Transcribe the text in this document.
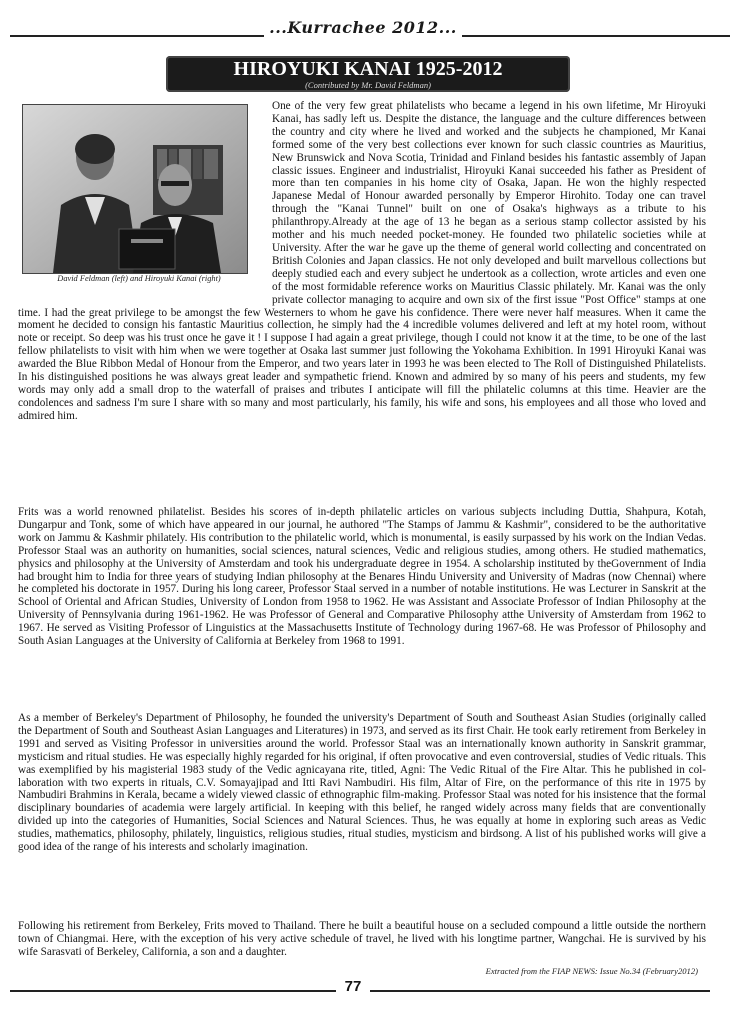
...Kurrachee 2012...
HIROYUKI KANAI 1925-2012
(Contributed by Mr. David Feldman)
David Feldman (left) and Hiroyuki Kanai (right)

One of the very few great philatelists who became a legend in his own lifetime, Mr Hiroyuki Kanai, has sadly left us. Despite the distance, the language and the culture differences between the country and city where he lived and worked and the subjects he championed, Mr Kanai formed some of the very best collections ever known for such classic countries as Mauritius, New Brunswick and Nova Scotia, Trinidad and Finland besides his fantastic assembly of Japan classic issues. Engineer and industrialist, Hiroyuki Kanai succeeded his father as President of more than ten companies in his home city of Osaka, Japan. He won the highly respected Japanese Medal of Honour awarded personally by Emperor Hirohito. Today one can travel through the "Kanai Tunnel" built on one of Osaka's highways as a tribute to his philanthropy.Already at the age of 13 he began as a serious stamp collector assisted by his mother and his much needed pocket-money. He founded two philatelic societies while at University. After the war he gave up the theme of general world collecting and concentrated on British Colonies and Japan classics. He not only developed and built marvellous collections but deeply studied each and every subject he undertook as a collection, wrote articles and even one of the most formidable reference works on Mauritius Classic philately. Mr. Kanai was the only private collector managing to acquire and own six of the first issue "Post Office" stamps at one time. I had the great privilege to be amongst the few Westerners to whom he gave his confidence. There were never half measures. When it came the moment he decided to consign his fantastic Mauritius collection, he simply had the 4 incredible volumes delivered and left at my hotel room, without note or receipt. So deep was his trust once he gave it ! I suppose I had again a great privilege, though I could not know it at the time, to be one of the last fellow philatelists to visit with him when we were together at Osaka last summer just following the Yokohama Exhibition. In 1991 Hiroyuki Kanai was awarded the Blue Ribbon Medal of Honour from the Emperor, and two years later in 1993 he was been elected to The Roll of Distinguished Philatelists. In his distinguished positions he was always great leader and sympathetic friend. Known and admired by so many of his peers and students, my few words may only add a small drop to the waterfall of praises and tributes I anticipate will fill the philatelic columns at this time. Heavier are the condolences and sadness I'm sure I share with so many and most particularly, his family, his wife and sons, his employees and all those who loved and admired him.

Frits was a world renowned philatelist. Besides his scores of in-depth philatelic articles on various subjects including Duttia, Shahpura, Kotah, Dungarpur and Tonk, some of which have appeared in our journal, he authored "The Stamps of Jammu & Kashmir", considered to be the authoritative work on Jammu & Kashmir philately. His contribution to the philatelic world, which is monumental, is easily surpassed by his work on the Indian Vedas. Professor Staal was an authority on humanities, social sciences, natural sciences, Vedic and religious studies, among others. He studied mathematics, physics and philosophy at the University of Amsterdam and took his undergraduate degree in 1954. A scholarship instituted by theGovernment of India had brought him to India for three years of studying Indian philosophy at the Benares Hindu University and University of Madras (now Chennai) where he completed his doctorate in 1957. During his long career, Professor Staal served in a number of notable institutions. He was Lecturer in Sanskrit at the School of Oriental and African Studies, University of London from 1958 to 1962. He was Assistant and Associate Professor of Indian Philosophy at the University of Pennsylvania during 1961-1962. He was Professor of General and Comparative Philosophy atthe University of Amsterdam from 1962 to 1967. He served as Visiting Professor of Linguistics at the Massachusetts Institute of Technology during 1967-68. He was Professor of Philosophy and South Asian Languages at the University of California at Berkeley from 1968 to 1991.

As a member of Berkeley's Department of Philosophy, he founded the university's Department of South and Southeast Asian Studies (originally called the Department of South and Southeast Asian Languages and Literatures) in 1973, and served as its first Chair. He took early retirement from Berkeley in 1991 and served as Visiting Professor in universities around the world. Professor Staal was an internationally known authority in Sanskrit grammar, mysticism and ritual studies. He was especially highly regarded for his original, if often provocative and even controversial, studies of Vedic rituals. This was exemplified by his magisterial 1983 study of the Vedic agnicayana rite, titled, Agni: The Vedic Ritual of the Fire Altar. This he published in col-laboration with two experts in rituals, C.V. Somayajipad and Itti Ravi Nambudiri. His film, Altar of Fire, on the performance of this rite in 1975 by Nambudiri Brahmins in Kerala, became a widely viewed classic of ethnographic film-making. Professor Staal was noted for his insistence that the formal disciplinary boundaries of academia were largely artificial. In keeping with this belief, he ranged widely across many fields that are conventionally divided up into the categories of Humanities, Social Sciences and Natural Sciences. Thus, he was equally at home in exploring such areas as Vedic studies, mathematics, philosophy, philately, linguistics, religious studies, ritual studies, mysticism and birdsong. A list of his published works will give a good idea of the range of his interests and scholarly imagination.

Following his retirement from Berkeley, Frits moved to Thailand. There he built a beautiful house on a secluded compound a little outside the northern town of Chiangmai. Here, with the exception of his very active schedule of travel, he lived with his longtime partner, Wangchai. He is survived by his wife Sarasvati of Berkeley, California, a son and a daughter.

Extracted from the FIAP NEWS: Issue No.34 (February2012)
77
